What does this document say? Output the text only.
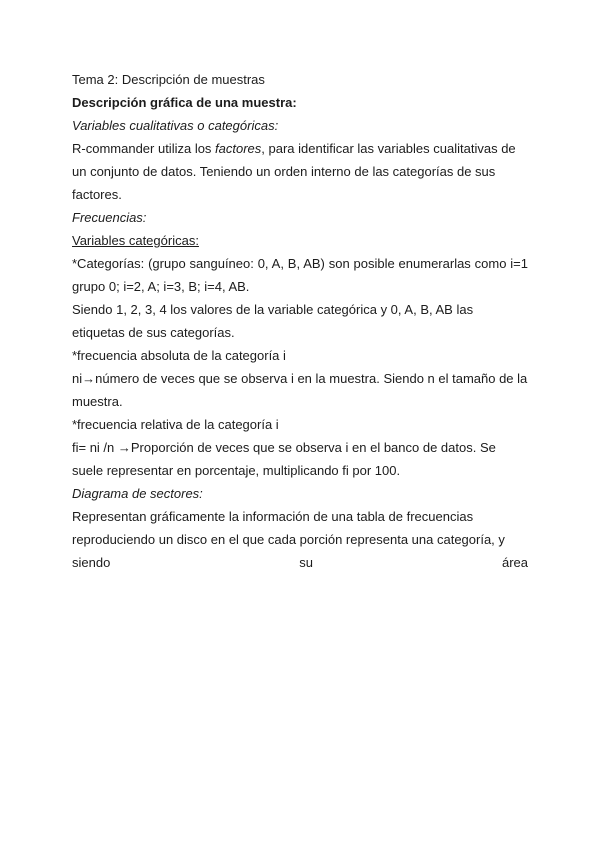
Tema 2: Descripción de muestras

Descripción gráfica de una muestra:

Variables cualitativas o categóricas:

R-commander utiliza los factores, para identificar las variables cualitativas de un conjunto de datos. Teniendo un orden interno de las categorías de sus factores.

Frecuencias:

Variables categóricas:

*Categorías: (grupo sanguíneo: 0, A, B, AB) son posible enumerarlas como i=1

grupo 0; i=2, A; i=3, B; i=4, AB.

Siendo 1, 2, 3, 4 los valores de la variable categórica y 0, A, B, AB las etiquetas de sus categorías.

*frecuencia absoluta de la categoría i

ni→número de veces que se observa i en la muestra. Siendo n el tamaño de la muestra.

*frecuencia relativa de la categoría i

fi= ni /n →Proporción de veces que se observa i en el banco de datos. Se suele representar en porcentaje, multiplicando fi por 100.

Diagrama de sectores:

Representan gráficamente la información de una tabla de frecuencias reproduciendo un disco en el que cada porción representa una categoría, y siendo su área
